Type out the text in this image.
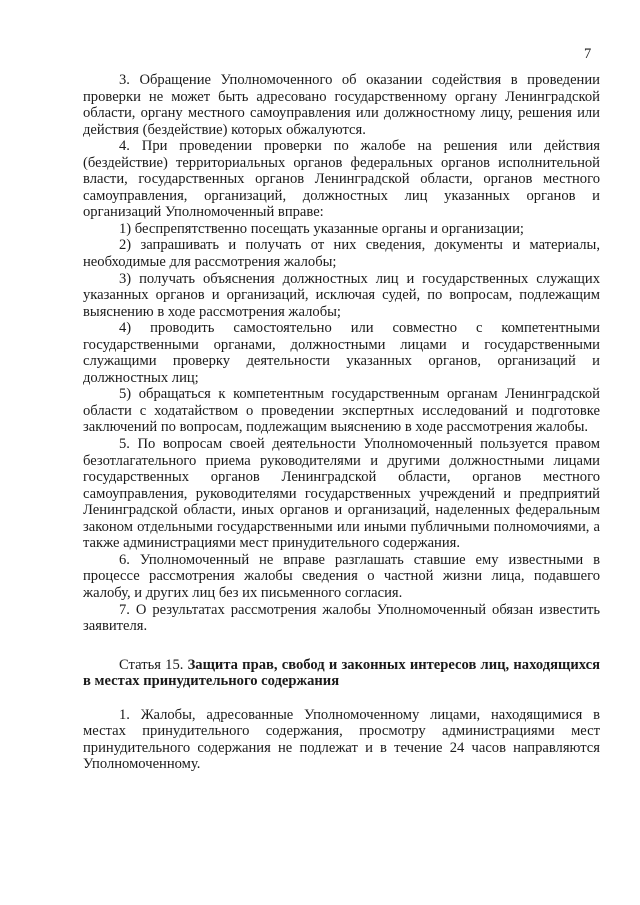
7

3. Обращение Уполномоченного об оказании содействия в проведении проверки не может быть адресовано государственному органу Ленинградской области, органу местного самоуправления или должностному лицу, решения или действия (бездействие) которых обжалуются.

4. При проведении проверки по жалобе на решения или действия (бездействие) территориальных органов федеральных органов исполнительной власти, государственных органов Ленинградской области, органов местного самоуправления, организаций, должностных лиц указанных органов и организаций Уполномоченный вправе:

1) беспрепятственно посещать указанные органы и организации;

2) запрашивать и получать от них сведения, документы и материалы, необходимые для рассмотрения жалобы;

3) получать объяснения должностных лиц и государственных служащих указанных органов и организаций, исключая судей, по вопросам, подлежащим выяснению в ходе рассмотрения жалобы;

4) проводить самостоятельно или совместно с компетентными государственными органами, должностными лицами и государственными служащими проверку деятельности указанных органов, организаций и должностных лиц;

5) обращаться к компетентным государственным органам Ленинградской области с ходатайством о проведении экспертных исследований и подготовке заключений по вопросам, подлежащим выяснению в ходе рассмотрения жалобы.

5. По вопросам своей деятельности Уполномоченный пользуется правом безотлагательного приема руководителями и другими должностными лицами государственных органов Ленинградской области, органов местного самоуправления, руководителями государственных учреждений и предприятий Ленинградской области, иных органов и организаций, наделенных федеральным законом отдельными государственными или иными публичными полномочиями, а также администрациями мест принудительного содержания.

6. Уполномоченный не вправе разглашать ставшие ему известными в процессе рассмотрения жалобы сведения о частной жизни лица, подавшего жалобу, и других лиц без их письменного согласия.

7. О результатах рассмотрения жалобы Уполномоченный обязан известить заявителя.

Статья 15. Защита прав, свобод и законных интересов лиц, находящихся в местах принудительного содержания

1. Жалобы, адресованные Уполномоченному лицами, находящимися в местах принудительного содержания, просмотру администрациями мест принудительного содержания не подлежат и в течение 24 часов направляются Уполномоченному.
